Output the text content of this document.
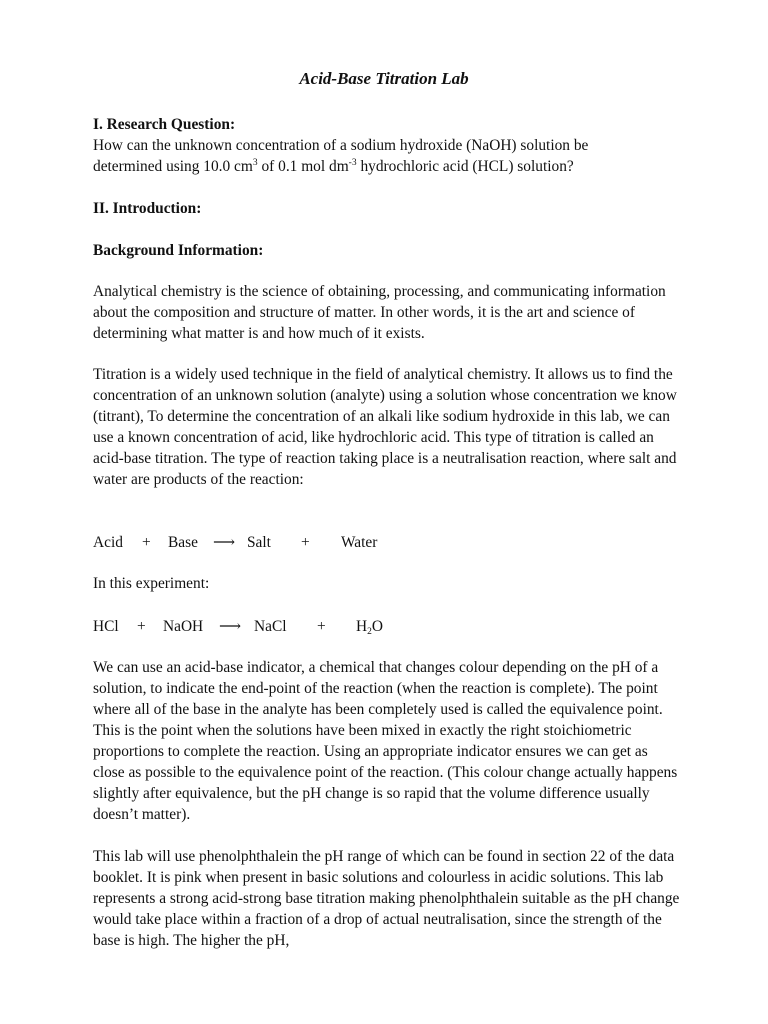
Acid-Base Titration Lab
I. Research Question:
How can the unknown concentration of a sodium hydroxide (NaOH) solution be
determined using 10.0 $cm^3$ of 0.1 mol $dm^{-3}$ hydrochloric acid (HCL) solution?
II. Introduction:
Background Information:

Analytical chemistry is the science of obtaining, processing, and communicating information about the composition and structure of matter. In other words, it is the art and science of determining what matter is and how much of it exists.

Titration is a widely used technique in the field of analytical chemistry. It allows us to find the concentration of an unknown solution (analyte) using a solution whose concentration we know (titrant), To determine the concentration of an alkali like sodium hydroxide in this lab, we can use a known concentration of acid, like hydrochloric acid. This type of titration is called an acid-base titration. The type of reaction taking place is a neutralisation reaction, where salt and water are products of the reaction:

Acid + Base ⟶ Salt + Water
In this experiment:
HCl + NaOH ⟶ NaCl + $H_2O$

We can use an acid-base indicator, a chemical that changes colour depending on the pH of a solution, to indicate the end-point of the reaction (when the reaction is complete). The point where all of the base in the analyte has been completely used is called the equivalence point. This is the point when the solutions have been mixed in exactly the right stoichiometric proportions to complete the reaction. Using an appropriate indicator ensures we can get as close as possible to the equivalence point of the reaction. (This colour change actually happens slightly after equivalence, but the pH change is so rapid that the volume difference usually doesn’t matter).

This lab will use phenolphthalein the pH range of which can be found in section 22 of the data booklet. It is pink when present in basic solutions and colourless in acidic solutions. This lab represents a strong acid-strong base titration making phenolphthalein suitable as the pH change would take place within a fraction of a drop of actual neutralisation, since the strength of the base is high. The higher the pH,
